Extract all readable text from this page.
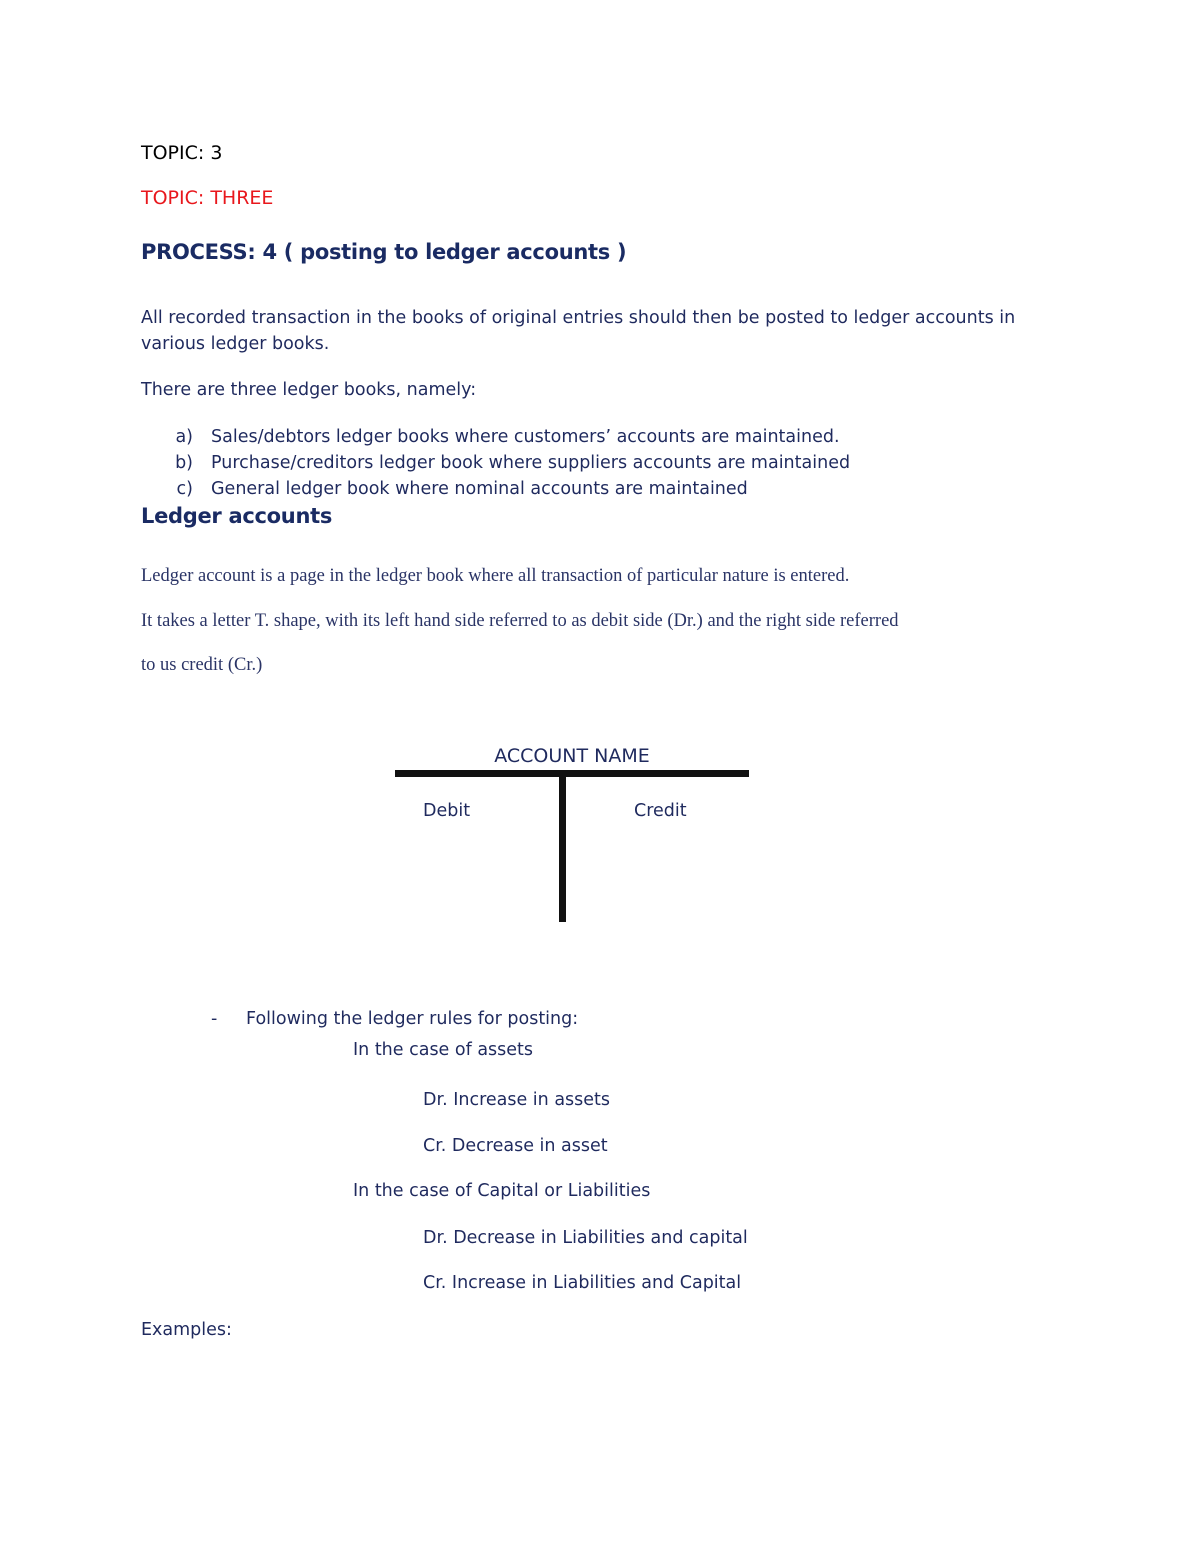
TOPIC: 3
TOPIC: THREE
PROCESS: 4 ( posting to ledger accounts )
All recorded transaction in the books of original entries should then be posted to ledger accounts in
various ledger books.
There are three ledger books, namely:
a) Sales/debtors ledger books where customers’ accounts are maintained.
b) Purchase/creditors ledger book where suppliers accounts are maintained
c) General ledger book where nominal accounts are maintained
Ledger accounts
Ledger account is a page in the ledger book where all transaction of particular nature is entered.
It takes a letter T. shape, with its left hand side referred to as debit side (Dr.) and the right side referred
to us credit (Cr.)
ACCOUNT NAME
Debit	Credit
- Following the ledger rules for posting:
In the case of assets
Dr. Increase in assets
Cr. Decrease in asset
In the case of Capital or Liabilities
Dr. Decrease in Liabilities and capital
Cr. Increase in Liabilities and Capital
Examples:
